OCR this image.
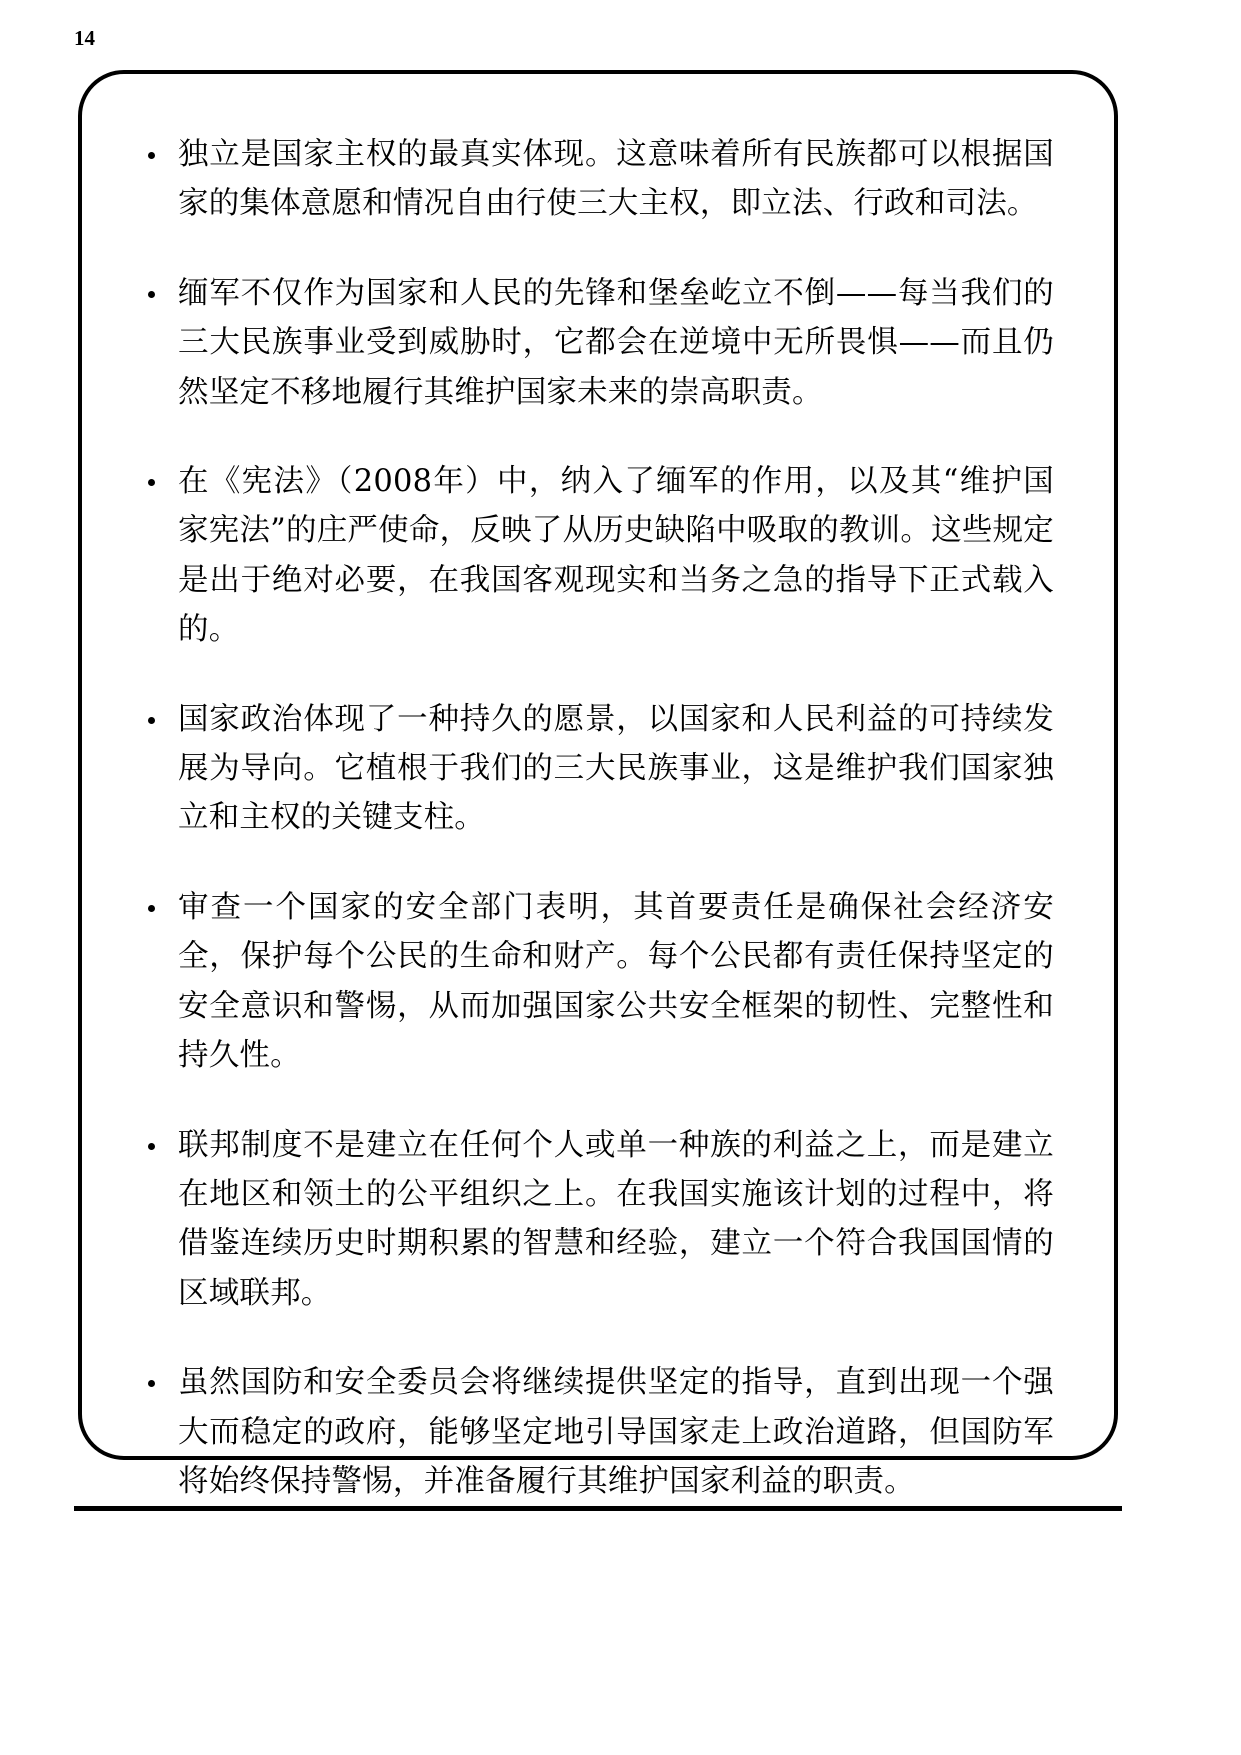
14
独立是国家主权的最真实体现。这意味着所有民族都可以根据国家的集体意愿和情况自由行使三大主权，即立法、行政和司法。
缅军不仅作为国家和人民的先锋和堡垒屹立不倒——每当我们的三大民族事业受到威胁时，它都会在逆境中无所畏惧——而且仍然坚定不移地履行其维护国家未来的崇高职责。
在《宪法》（2008年）中，纳入了缅军的作用，以及其“维护国家宪法”的庄严使命，反映了从历史缺陷中吸取的教训。这些规定是出于绝对必要，在我国客观现实和当务之急的指导下正式载入的。
国家政治体现了一种持久的愿景，以国家和人民利益的可持续发展为导向。它植根于我们的三大民族事业，这是维护我们国家独立和主权的关键支柱。
审查一个国家的安全部门表明，其首要责任是确保社会经济安全，保护每个公民的生命和财产。每个公民都有责任保持坚定的安全意识和警惕，从而加强国家公共安全框架的韧性、完整性和持久性。
联邦制度不是建立在任何个人或单一种族的利益之上，而是建立在地区和领土的公平组织之上。在我国实施该计划的过程中，将借鉴连续历史时期积累的智慧和经验，建立一个符合我国国情的区域联邦。
虽然国防和安全委员会将继续提供坚定的指导，直到出现一个强大而稳定的政府，能够坚定地引导国家走上政治道路，但国防军将始终保持警惕，并准备履行其维护国家利益的职责。
